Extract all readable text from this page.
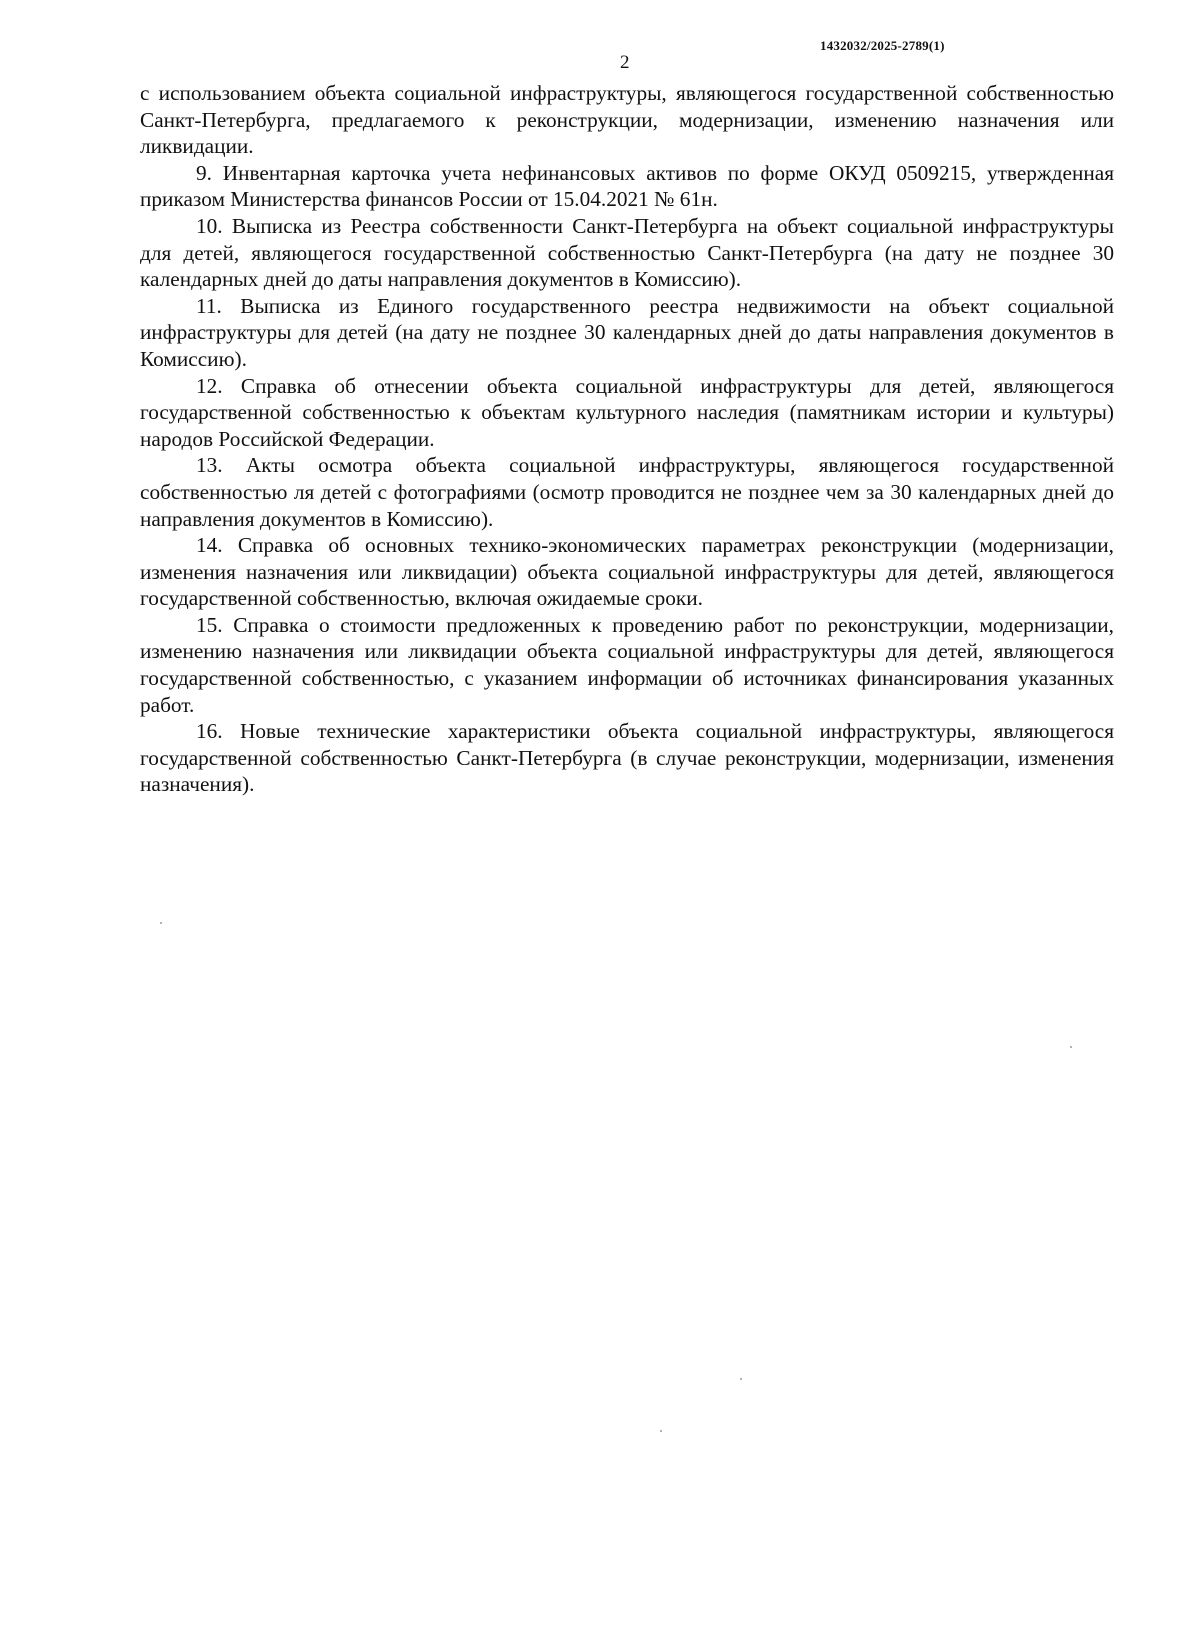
1432032/2025-2789(1)
2

с использованием объекта социальной инфраструктуры, являющегося государственной собственностью Санкт-Петербурга, предлагаемого к реконструкции, модернизации, изменению назначения или ликвидации.

9. Инвентарная карточка учета нефинансовых активов по форме ОКУД 0509215, утвержденная приказом Министерства финансов России от 15.04.2021 № 61н.

10. Выписка из Реестра собственности Санкт-Петербурга на объект социальной инфраструктуры для детей, являющегося государственной собственностью Санкт-Петербурга (на дату не позднее 30 календарных дней до даты направления документов в Комиссию).

11. Выписка из Единого государственного реестра недвижимости на объект социальной инфраструктуры для детей (на дату не позднее 30 календарных дней до даты направления документов в Комиссию).

12. Справка об отнесении объекта социальной инфраструктуры для детей, являющегося государственной собственностью к объектам культурного наследия (памятникам истории и культуры) народов Российской Федерации.

13. Акты осмотра объекта социальной инфраструктуры, являющегося государственной собственностью ля детей с фотографиями (осмотр проводится не позднее чем за 30 календарных дней до направления документов в Комиссию).

14. Справка об основных технико-экономических параметрах реконструкции (модернизации, изменения назначения или ликвидации) объекта социальной инфраструктуры для детей, являющегося государственной собственностью, включая ожидаемые сроки.

15. Справка о стоимости предложенных к проведению работ по реконструкции, модернизации, изменению назначения или ликвидации объекта социальной инфраструктуры для детей, являющегося государственной собственностью, с указанием информации об источниках финансирования указанных работ.

16. Новые технические характеристики объекта социальной инфраструктуры, являющегося государственной собственностью Санкт-Петербурга (в случае реконструкции, модернизации, изменения назначения).
